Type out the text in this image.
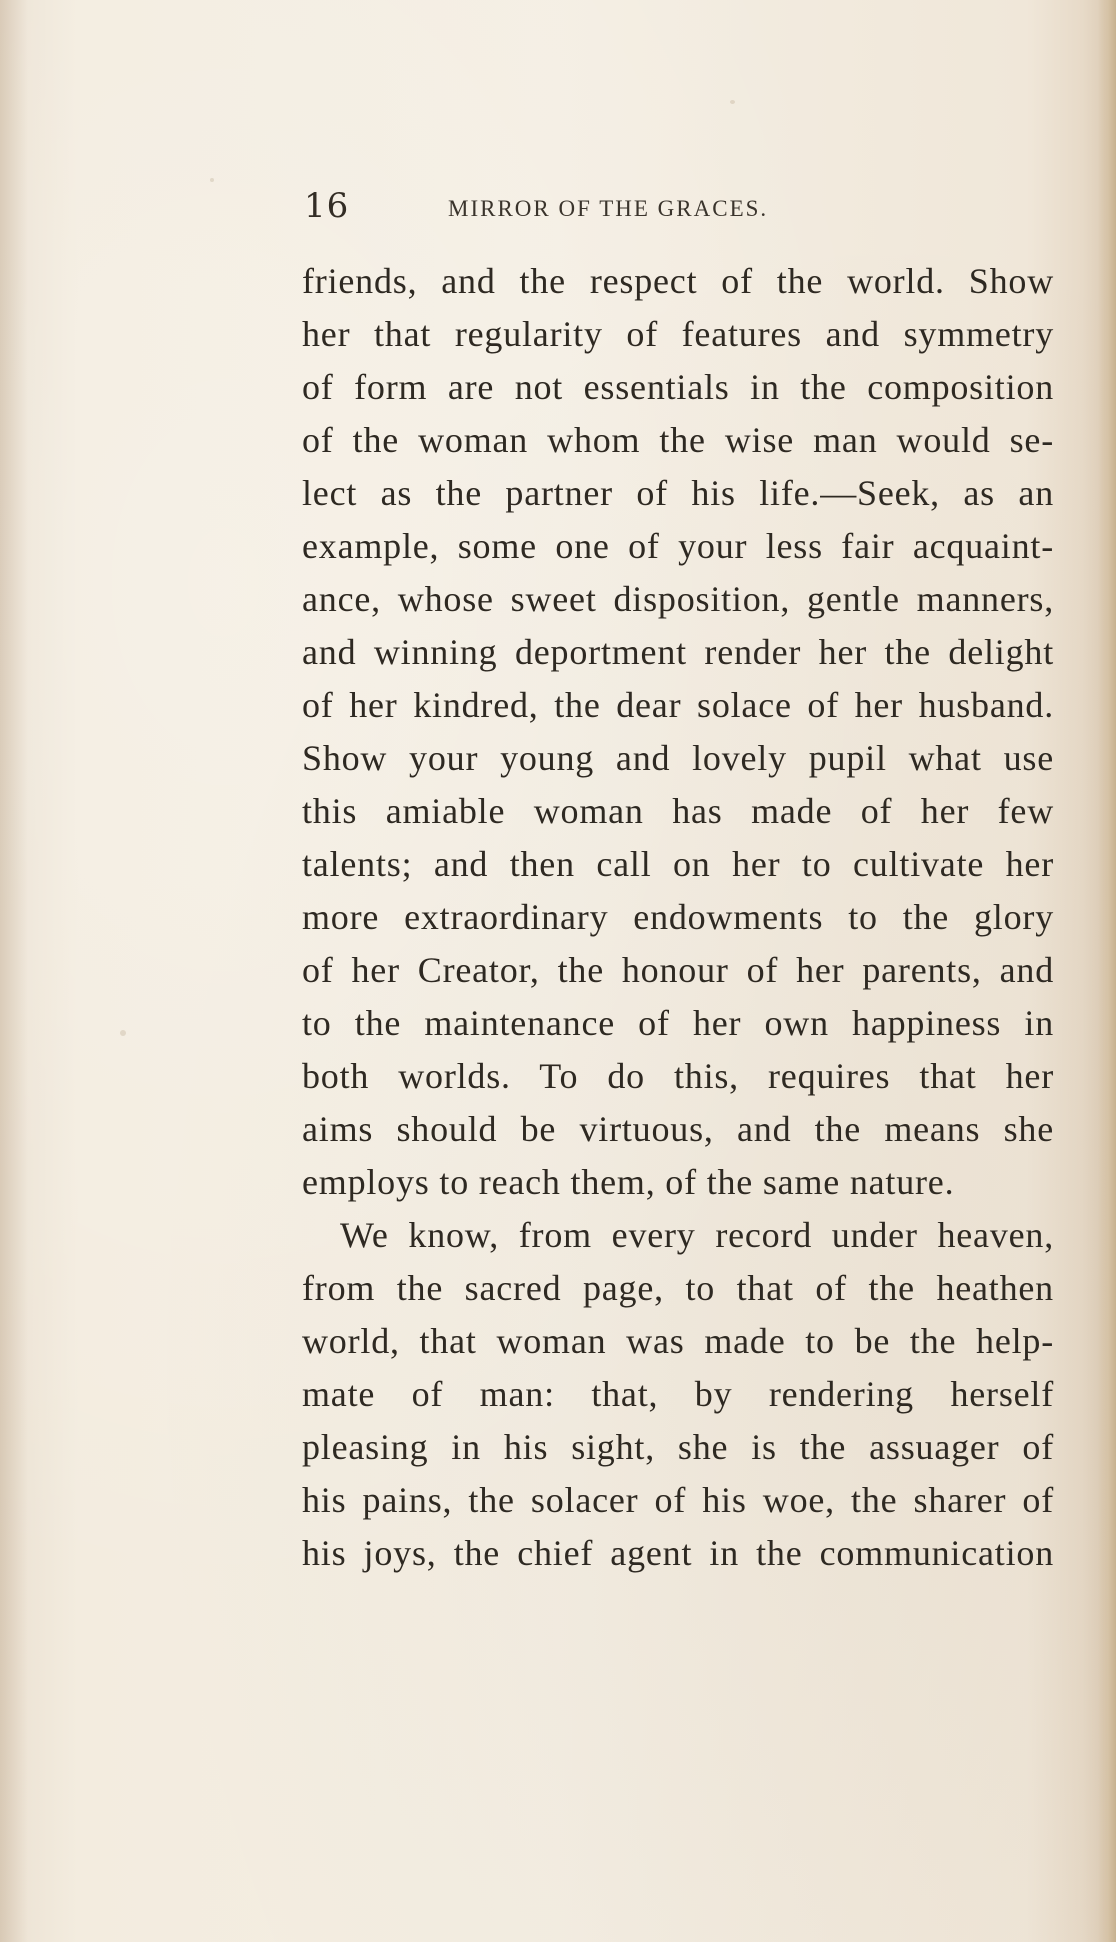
16	MIRROR OF THE GRACES.
friends, and the respect of the world. Show
her that regularity of features and symmetry
of form are not essentials in the composition
of the woman whom the wise man would se-
lect as the partner of his life.—Seek, as an
example, some one of your less fair acquaint-
ance, whose sweet disposition, gentle manners,
and winning deportment render her the delight
of her kindred, the dear solace of her husband.
Show your young and lovely pupil what use
this amiable woman has made of her few
talents; and then call on her to cultivate her
more extraordinary endowments to the glory
of her Creator, the honour of her parents, and
to the maintenance of her own happiness in
both worlds. To do this, requires that her
aims should be virtuous, and the means she
employs to reach them, of the same nature.
We know, from every record under heaven,
from the sacred page, to that of the heathen
world, that woman was made to be the help-
mate of man: that, by rendering herself
pleasing in his sight, she is the assuager of
his pains, the solacer of his woe, the sharer of
his joys, the chief agent in the communication
